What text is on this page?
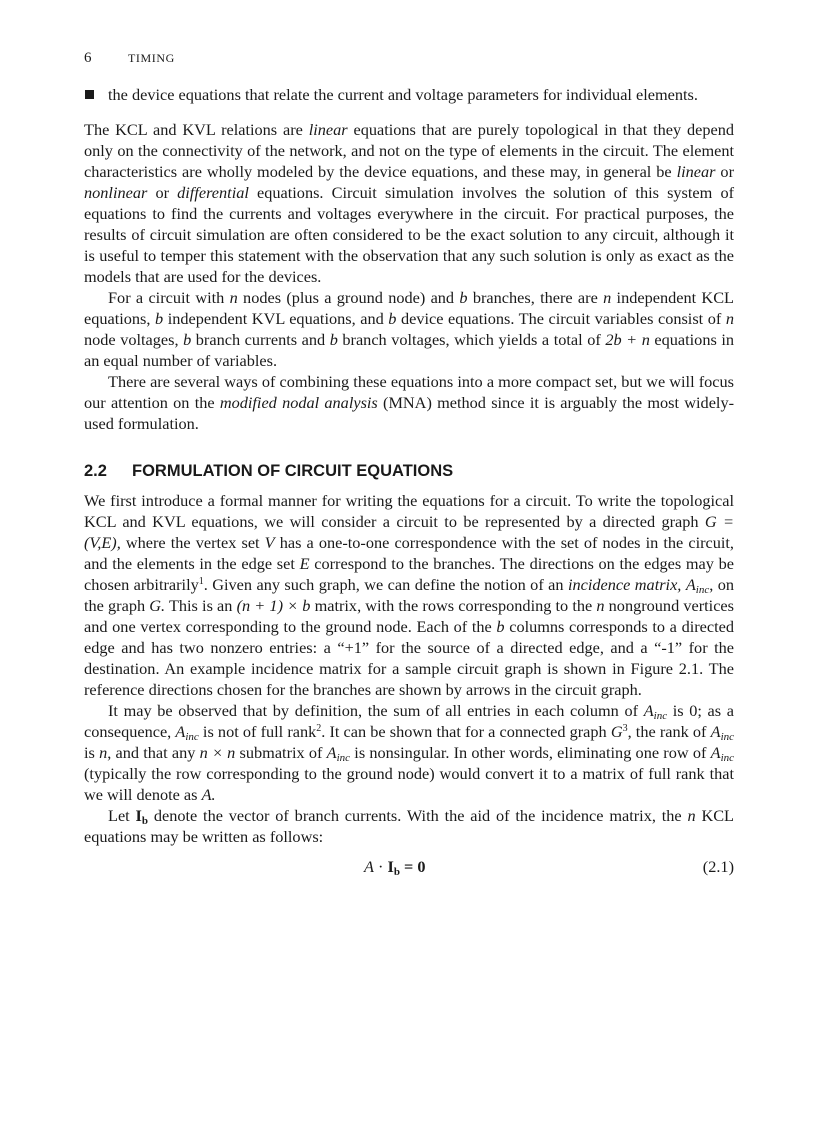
6	TIMING

the device equations that relate the current and voltage parameters for individual elements.

The KCL and KVL relations are linear equations that are purely topological in that they depend only on the connectivity of the network, and not on the type of elements in the circuit. The element characteristics are wholly modeled by the device equations, and these may, in general be linear or nonlinear or differential equations. Circuit simulation involves the solution of this system of equations to find the currents and voltages everywhere in the circuit. For practical purposes, the results of circuit simulation are often considered to be the exact solution to any circuit, although it is useful to temper this statement with the observation that any such solution is only as exact as the models that are used for the devices.

For a circuit with n nodes (plus a ground node) and b branches, there are n independent KCL equations, b independent KVL equations, and b device equations. The circuit variables consist of n node voltages, b branch currents and b branch voltages, which yields a total of 2b + n equations in an equal number of variables.

There are several ways of combining these equations into a more compact set, but we will focus our attention on the modified nodal analysis (MNA) method since it is arguably the most widely-used formulation.

2.2 FORMULATION OF CIRCUIT EQUATIONS

We first introduce a formal manner for writing the equations for a circuit. To write the topological KCL and KVL equations, we will consider a circuit to be represented by a directed graph G = (V,E), where the vertex set V has a one-to-one correspondence with the set of nodes in the circuit, and the elements in the edge set E correspond to the branches. The directions on the edges may be chosen arbitrarily$^1$. Given any such graph, we can define the notion of an incidence matrix, $A_{inc}$, on the graph G. This is an (n + 1) × b matrix, with the rows corresponding to the n nonground vertices and one vertex corresponding to the ground node. Each of the b columns corresponds to a directed edge and has two nonzero entries: a “+1” for the source of a directed edge, and a “-1” for the destination. An example incidence matrix for a sample circuit graph is shown in Figure 2.1. The reference directions chosen for the branches are shown by arrows in the circuit graph.

It may be observed that by definition, the sum of all entries in each column of $A_{inc}$ is 0; as a consequence, $A_{inc}$ is not of full rank$^2$. It can be shown that for a connected graph $G^3$, the rank of $A_{inc}$ is n, and that any n × n submatrix of $A_{inc}$ is nonsingular. In other words, eliminating one row of $A_{inc}$ (typically the row corresponding to the ground node) would convert it to a matrix of full rank that we will denote as A.

Let Ib denote the vector of branch currents. With the aid of the incidence matrix, the n KCL equations may be written as follows:

A · Ib = 0	(2.1)
